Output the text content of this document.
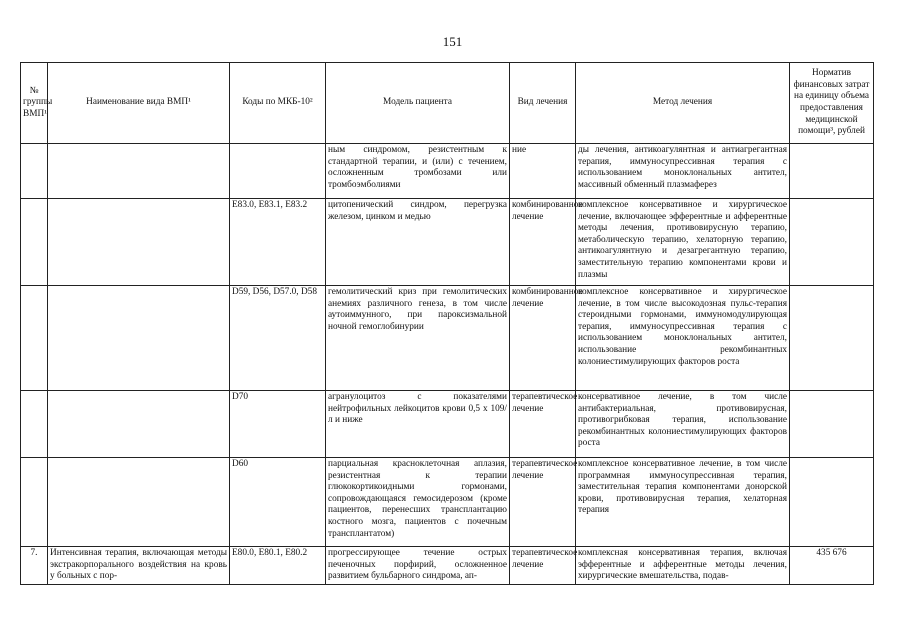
151
№ группы ВМП¹	Наименование вида ВМП¹	Коды по МКБ-10²	Модель пациента	Вид лечения	Метод лечения	Норматив финансовых затрат на единицу объема предоставления медицинской помощи³, рублей
			ным синдромом, резистентным к стандартной терапии, и (или) с течением, осложненным тромбозами или тромбоэмболиями	ние	ды лечения, антикоагулянтная и антиагрегантная терапия, иммуносупрессивная терапия с использованием моноклональных антител, массивный обменный плазмаферез	
		E83.0, E83.1, E83.2	цитопенический синдром, перегрузка железом, цинком и медью	комбинированное лечение	комплексное консервативное и хирургическое лечение, включающее эфферентные и афферентные методы лечения, противовирусную терапию, метаболическую терапию, хелаторную терапию, антикоагулянтную и дезагрегантную терапию, заместительную терапию компонентами крови и плазмы	
		D59, D56, D57.0, D58	гемолитический криз при гемолитических анемиях различного генеза, в том числе аутоиммунного, при пароксизмальной ночной гемоглобинурии	комбинированное лечение	комплексное консервативное и хирургическое лечение, в том числе высокодозная пульс-терапия стероидными гормонами, иммуномодулирующая терапия, иммуносупрессивная терапия с использованием моноклональных антител, использование рекомбинантных колониестимулирующих факторов роста	
		D70	агранулоцитоз с показателями нейтрофильных лейкоцитов крови 0,5 x 109/л и ниже	терапевтическое лечение	консервативное лечение, в том числе антибактериальная, противовирусная, противогрибковая терапия, использование рекомбинантных колониестимулирующих факторов роста	
		D60	парциальная красноклеточная аплазия, резистентная к терапии глюкокортикоидными гормонами, сопровождающаяся гемосидерозом (кроме пациентов, перенесших трансплантацию костного мозга, пациентов с почечным трансплантатом)	терапевтическое лечение	комплексное консервативное лечение, в том числе программная иммуносупрессивная терапия, заместительная терапия компонентами донорской крови, противовирусная терапия, хелаторная терапия	
7.	Интенсивная терапия, включающая методы экстракорпорального воздействия на кровь у больных с пор-	E80.0, E80.1, E80.2	прогрессирующее течение острых печеночных порфирий, осложненное развитием бульбарного синдрома, ап-	терапевтическое лечение	комплексная консервативная терапия, включая эфферентные и афферентные методы лечения, хирургические вмешательства, подав-	435 676
